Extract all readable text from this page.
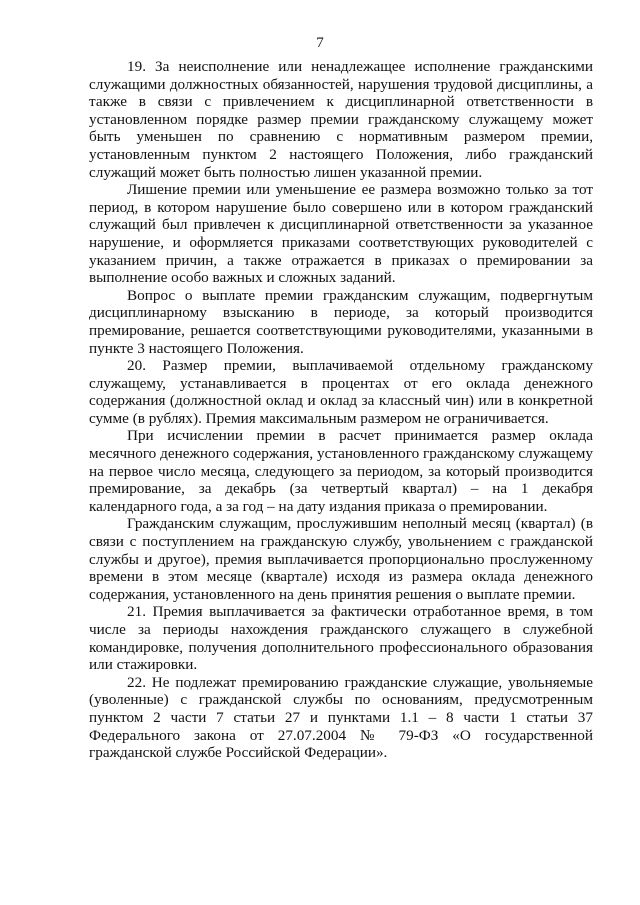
7

19. За неисполнение или ненадлежащее исполнение гражданскими служащими должностных обязанностей, нарушения трудовой дисциплины, а также в связи с привлечением к дисциплинарной ответственности в установленном порядке размер премии гражданскому служащему может быть уменьшен по сравнению с нормативным размером премии, установленным пунктом 2 настоящего Положения, либо гражданский служащий может быть полностью лишен указанной премии.

Лишение премии или уменьшение ее размера возможно только за тот период, в котором нарушение было совершено или в котором гражданский служащий был привлечен к дисциплинарной ответственности за указанное нарушение, и оформляется приказами соответствующих руководителей с указанием причин, а также отражается в приказах о премировании за выполнение особо важных и сложных заданий.

Вопрос о выплате премии гражданским служащим, подвергнутым дисциплинарному взысканию в периоде, за который производится премирование, решается соответствующими руководителями, указанными в пункте 3 настоящего Положения.

20. Размер премии, выплачиваемой отдельному гражданскому служащему, устанавливается в процентах от его оклада денежного содержания (должностной оклад и оклад за классный чин) или в конкретной сумме (в рублях). Премия максимальным размером не ограничивается.

При исчислении премии в расчет принимается размер оклада месячного денежного содержания, установленного гражданскому служащему на первое число месяца, следующего за периодом, за который производится премирование, за декабрь (за четвертый квартал) – на 1 декабря календарного года, а за год – на дату издания приказа о премировании.

Гражданским служащим, прослужившим неполный месяц (квартал) (в связи с поступлением на гражданскую службу, увольнением с гражданской службы и другое), премия выплачивается пропорционально прослуженному времени в этом месяце (квартале) исходя из размера оклада денежного содержания, установленного на день принятия решения о выплате премии.

21. Премия выплачивается за фактически отработанное время, в том числе за периоды нахождения гражданского служащего в служебной командировке, получения дополнительного профессионального образования или стажировки.

22. Не подлежат премированию гражданские служащие, увольняемые (уволенные) с гражданской службы по основаниям, предусмотренным пунктом 2 части 7 статьи 27 и пунктами 1.1 – 8 части 1 статьи 37 Федерального закона от 27.07.2004 № 79-ФЗ «О государственной гражданской службе Российской Федерации».
